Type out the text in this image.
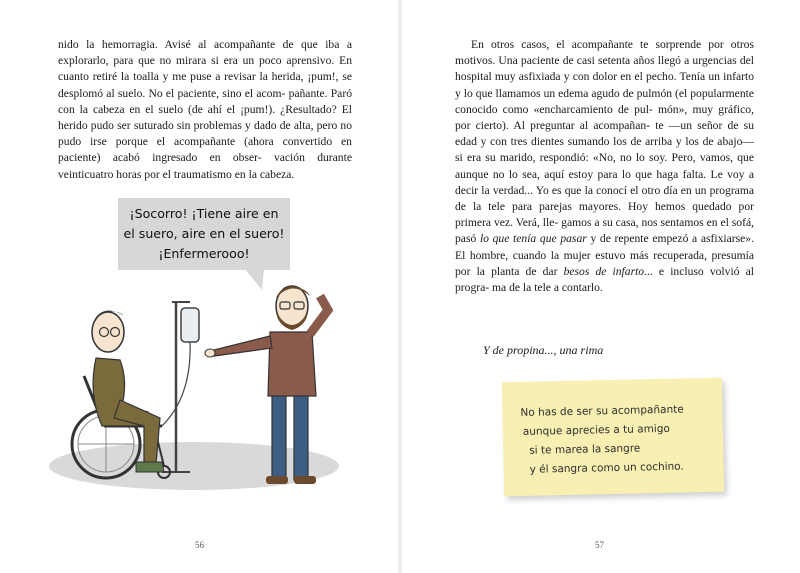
nido la hemorragia. Avisé al acompañante de que iba a explorarlo, para que no mirara si era un poco aprensivo. En cuanto retiré la toalla y me puse a revisar la herida, ¡pum!, se desplomó al suelo. No el paciente, sino el acom- pañante. Paró con la cabeza en el suelo (de ahí el ¡pum!). ¿Resultado? El herido pudo ser suturado sin problemas y dado de alta, pero no pudo irse porque el acompañante (ahora convertido en paciente) acabó ingresado en obser- vación durante veinticuatro horas por el traumatismo en la cabeza.

¡Socorro! ¡Tiene aire en
el suero, aire en el suero!
¡Enfermerooo!

En otros casos, el acompañante te sorprende por otros motivos. Una paciente de casi setenta años llegó a urgencias del hospital muy asfixiada y con dolor en el pecho. Tenía un infarto y lo que llamamos un edema agudo de pulmón (el popularmente conocido como «encharcamiento de pul- món», muy gráfico, por cierto). Al preguntar al acompañan- te —un señor de su edad y con tres dientes sumando los de arriba y los de abajo— si era su marido, respondió: «No, no lo soy. Pero, vamos, que aunque no lo sea, aquí estoy para lo que haga falta. Le voy a decir la verdad... Yo es que la conocí el otro día en un programa de la tele para parejas mayores. Hoy hemos quedado por primera vez. Verá, lle- gamos a su casa, nos sentamos en el sofá, pasó lo que tenía que pasar y de repente empezó a asfixiarse». El hombre, cuando la mujer estuvo más recuperada, presumía por la planta de dar besos de infarto... e incluso volvió al progra- ma de la tele a contarlo.

Y de propina..., una rima
No has de ser su acompañante
aunque aprecies a tu amigo
si te marea la sangre
y él sangra como un cochino.
56	57
